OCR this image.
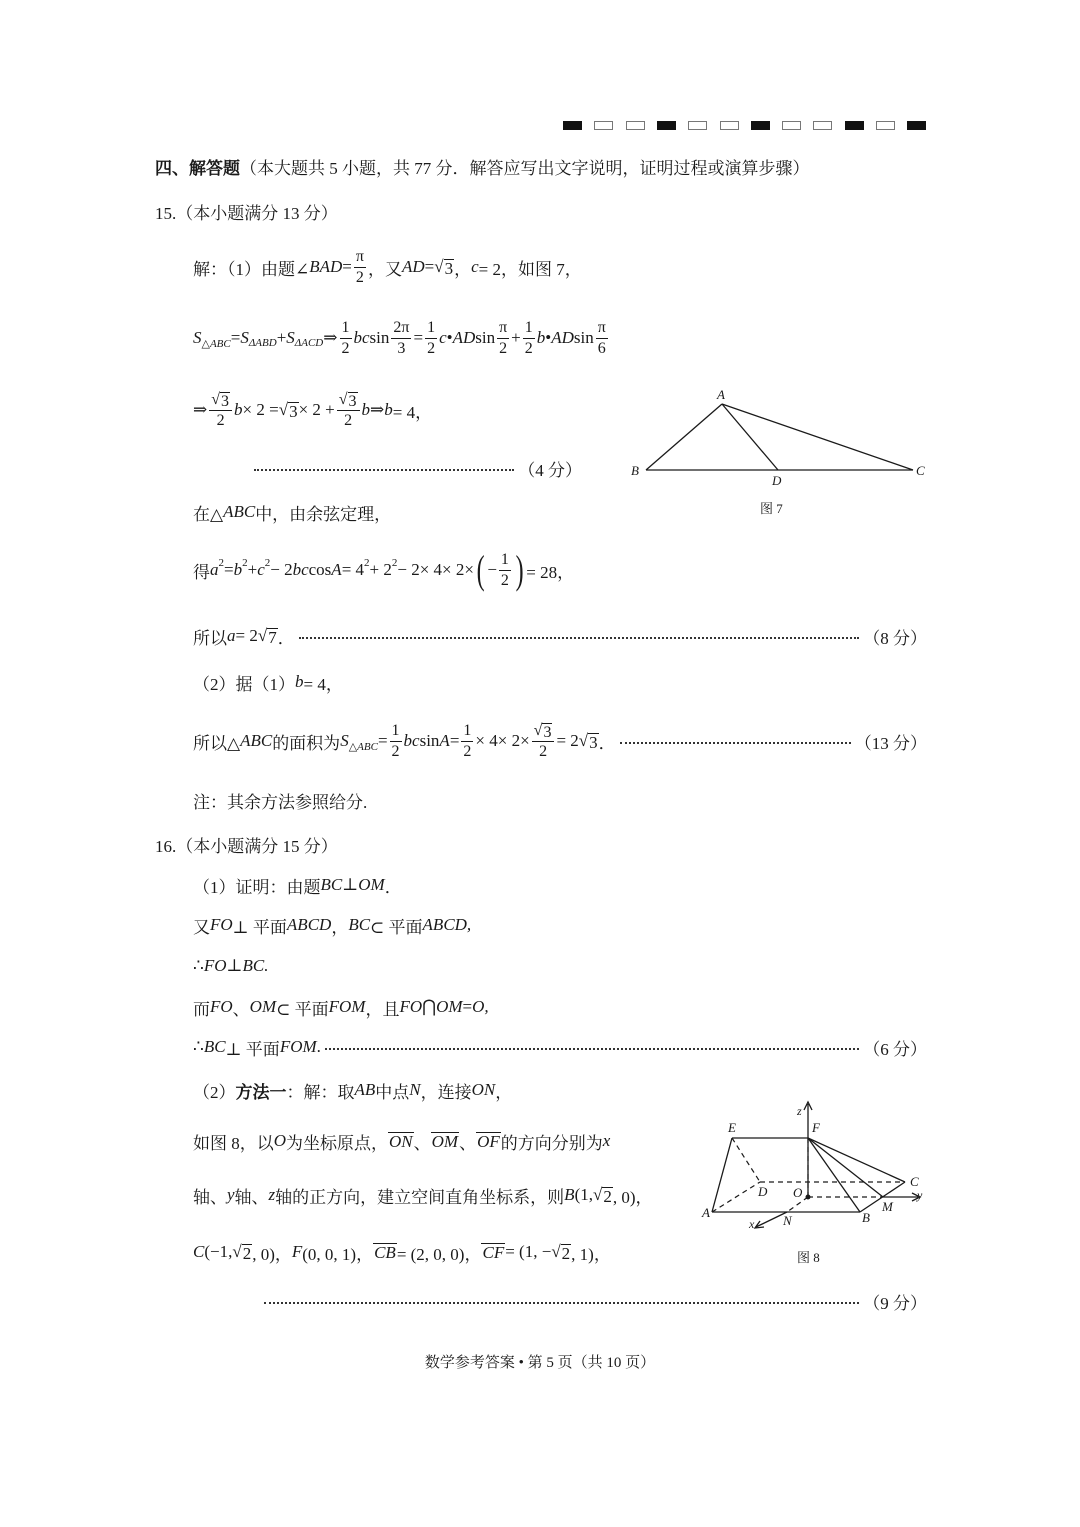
四、解答题 （本大题共 5 小题，共 77 分．解答应写出文字说明，证明过程或演算步骤）
15.（本小题满分 13 分）
解：（1）由题∠ BAD = $\frac{\pi}{2}$ ，又 AD = √ 3 ， c = 2，如图 7，
S △ABC = S ΔABD + S ΔACD ⇒ $\frac{1}{2}$ bc $\sin \frac{2\pi}{3} = \frac{1}{2}$ c • AD $\sin \frac{\pi}{2} + \frac{1}{2}$ b • AD $\sin \frac{\pi}{6}$
⇒ $\frac{√ 3}{2}$ b × 2 = √ $3 \times 2 + \frac{√ 3}{2}$ b ⇒ b = 4，
（4 分）
在△ ABC 中，由余弦定理，
得 a 2 = b 2 + c 2 − 2 bc cos A = 4 2 + 2 2 − 2× 4× 2× ( − $\frac{1}{2}$ ) = 28，
所以 a = 2 √ 7 ．	（8 分）
（2）据（1） b = 4，
所以△ ABC 的面积为 S △ABC = $\frac{1}{2}$ bc $\sin A = \frac{1}{2} \times 4\times 2\times \frac{√ 3}{2} = 2$ √ 3 ．	（13 分）
注：其余方法参照给分.
16.（本小题满分 15 分）
（1）证明：由题 BC ⊥ OM ．
又 FO ⊥ 平面 ABCD ， BC ⊂ 平面 ABCD,
∴ FO ⊥ BC.
而 FO 、 OM ⊂ 平面 FOM ，且 FO ⋂ OM = O,
∴ BC ⊥ 平面 FOM .	（6 分）
（2） 方法一 ：解：取 AB 中点 N ，连接 ON ，
如图 8，以 O 为坐标原点， ON 、 OM 、 OF 的方向分别为 x
轴、 y 轴、 z 轴的正方向，建立空间直角坐标系，则 B (1, √ 2 , 0)，
C (−1, √ 2 , 0)， F (0, 0, 1)， CB = (2, 0, 0)， CF = (1, − √ 2 , 1)，
（9 分）
A
B
D
C
图 7
E	F
z
D O
C
y
M
A	B
N
x
图 8
数学参考答案 • 第 5 页（共 10 页）
